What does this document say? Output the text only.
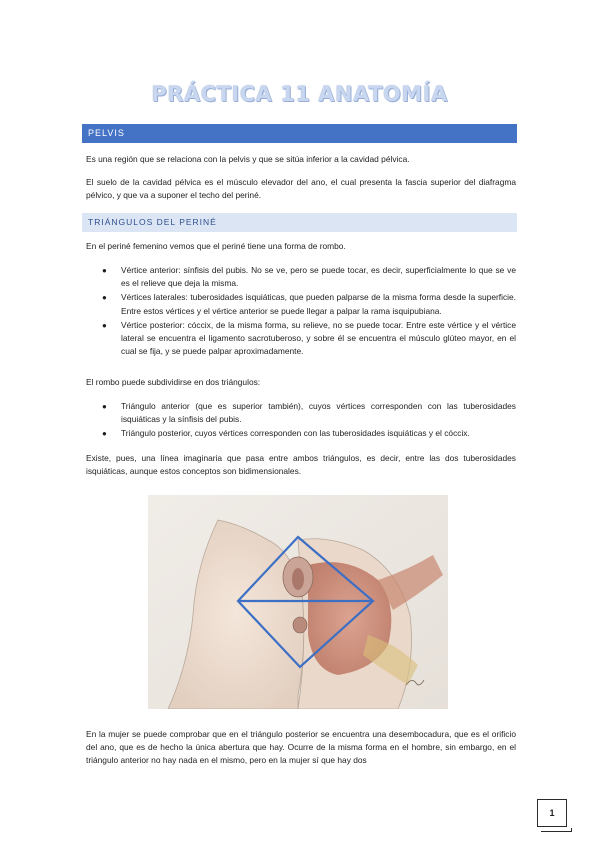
PRÁCTICA 11 ANATOMÍA
PELVIS

Es una región que se relaciona con la pelvis y que se sitúa inferior a la cavidad pélvica.

El suelo de la cavidad pélvica es el músculo elevador del ano, el cual presenta la fascia superior del diafragma pélvico, y que va a suponer el techo del periné.

TRIÁNGULOS DEL PERINÉ

En el periné femenino vemos que el periné tiene una forma de rombo.

● Vértice anterior: sínfisis del pubis. No se ve, pero se puede tocar, es decir, superficialmente lo que se ve es el relieve que deja la misma.
● Vértices laterales: tuberosidades isquiáticas, que pueden palparse de la misma forma desde la superficie. Entre estos vértices y el vértice anterior se puede llegar a palpar la rama isquipubiana.
● Vértice posterior: cóccix, de la misma forma, su relieve, no se puede tocar. Entre este vértice y el vértice lateral se encuentra el ligamento sacrotuberoso, y sobre él se encuentra el músculo glúteo mayor, en el cual se fija, y se puede palpar aproximadamente.

El rombo puede subdividirse en dos triángulos:

● Triángulo anterior (que es superior también), cuyos vértices corresponden con las tuberosidades isquiáticas y la sínfisis del pubis.
● Triángulo posterior, cuyos vértices corresponden con las tuberosidades isquiáticas y el cóccix.

Existe, pues, una línea imaginaria que pasa entre ambos triángulos, es decir, entre las dos tuberosidades isquiáticas, aunque estos conceptos son bidimensionales.

En la mujer se puede comprobar que en el triángulo posterior se encuentra una desembocadura, que es el orificio del ano, que es de hecho la única abertura que hay. Ocurre de la misma forma en el hombre, sin embargo, en el triángulo anterior no hay nada en el mismo, pero en la mujer sí que hay dos

1
